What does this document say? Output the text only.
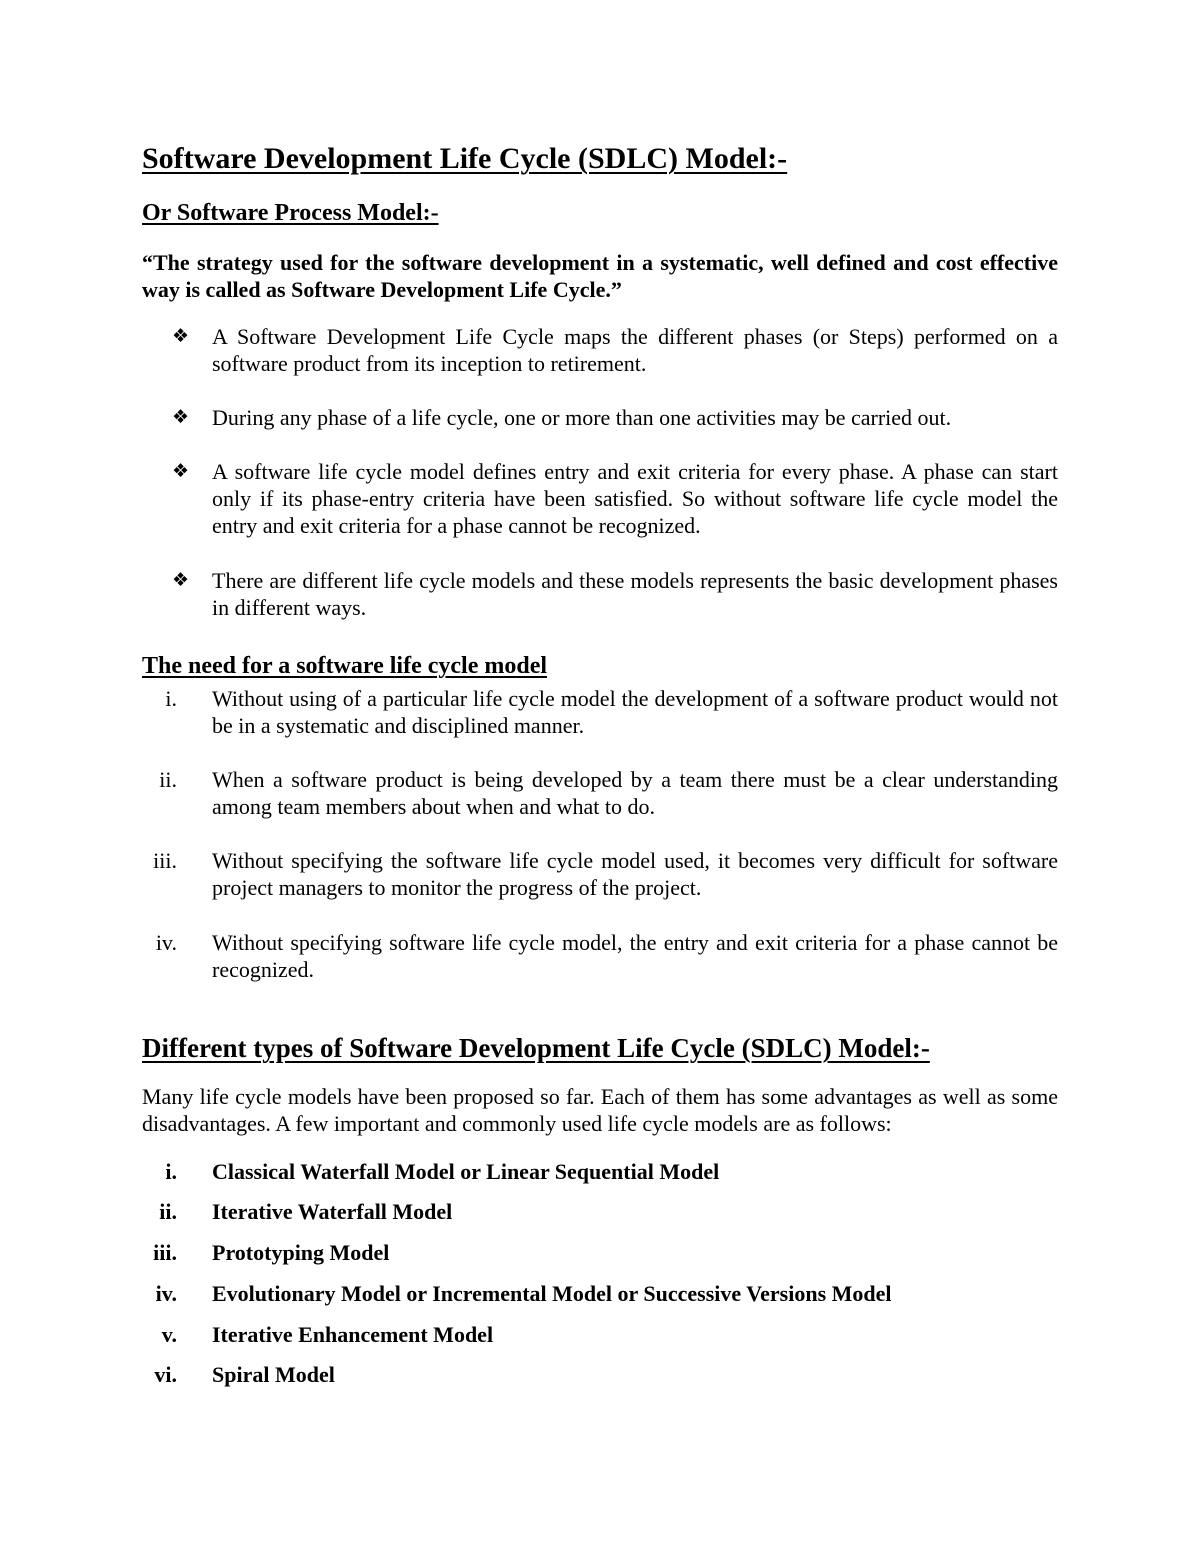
Software Development Life Cycle (SDLC) Model:-
Or Software Process Model:-
“The strategy used for the software development in a systematic, well defined and cost effective way is called as Software Development Life Cycle.”
❖	A Software Development Life Cycle maps the different phases (or Steps) performed on a software product from its inception to retirement.
❖	During any phase of a life cycle, one or more than one activities may be carried out.
❖	A software life cycle model defines entry and exit criteria for every phase. A phase can start only if its phase-entry criteria have been satisfied. So without software life cycle model the entry and exit criteria for a phase cannot be recognized.
❖	There are different life cycle models and these models represents the basic development phases in different ways.
The need for a software life cycle model
i. Without using of a particular life cycle model the development of a software product would not be in a systematic and disciplined manner.
ii. When a software product is being developed by a team there must be a clear understanding among team members about when and what to do.
iii. Without specifying the software life cycle model used, it becomes very difficult for software project managers to monitor the progress of the project.
iv. Without specifying software life cycle model, the entry and exit criteria for a phase cannot be recognized.
Different types of Software Development Life Cycle (SDLC) Model:-
Many life cycle models have been proposed so far. Each of them has some advantages as well as some disadvantages. A few important and commonly used life cycle models are as follows:
i. Classical Waterfall Model or Linear Sequential Model
ii. Iterative Waterfall Model
iii. Prototyping Model
iv. Evolutionary Model or Incremental Model or Successive Versions Model
v. Iterative Enhancement Model
vi. Spiral Model
